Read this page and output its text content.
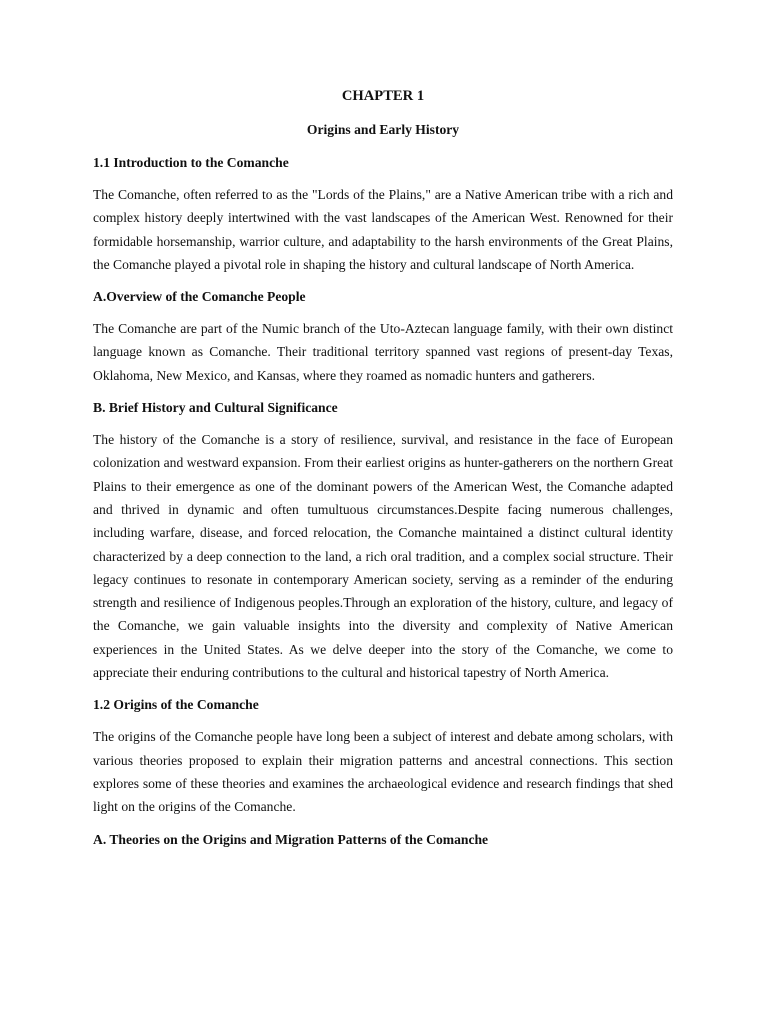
CHAPTER 1
Origins and Early History
1.1 Introduction to the Comanche

The Comanche, often referred to as the "Lords of the Plains," are a Native American tribe with a rich and complex history deeply intertwined with the vast landscapes of the American West. Renowned for their formidable horsemanship, warrior culture, and adaptability to the harsh environments of the Great Plains, the Comanche played a pivotal role in shaping the history and cultural landscape of North America.

A.Overview of the Comanche People

The Comanche are part of the Numic branch of the Uto-Aztecan language family, with their own distinct language known as Comanche. Their traditional territory spanned vast regions of present-day Texas, Oklahoma, New Mexico, and Kansas, where they roamed as nomadic hunters and gatherers.

B. Brief History and Cultural Significance

The history of the Comanche is a story of resilience, survival, and resistance in the face of European colonization and westward expansion. From their earliest origins as hunter-gatherers on the northern Great Plains to their emergence as one of the dominant powers of the American West, the Comanche adapted and thrived in dynamic and often tumultuous circumstances.Despite facing numerous challenges, including warfare, disease, and forced relocation, the Comanche maintained a distinct cultural identity characterized by a deep connection to the land, a rich oral tradition, and a complex social structure. Their legacy continues to resonate in contemporary American society, serving as a reminder of the enduring strength and resilience of Indigenous peoples.Through an exploration of the history, culture, and legacy of the Comanche, we gain valuable insights into the diversity and complexity of Native American experiences in the United States. As we delve deeper into the story of the Comanche, we come to appreciate their enduring contributions to the cultural and historical tapestry of North America.

1.2 Origins of the Comanche

The origins of the Comanche people have long been a subject of interest and debate among scholars, with various theories proposed to explain their migration patterns and ancestral connections. This section explores some of these theories and examines the archaeological evidence and research findings that shed light on the origins of the Comanche.

A. Theories on the Origins and Migration Patterns of the Comanche
